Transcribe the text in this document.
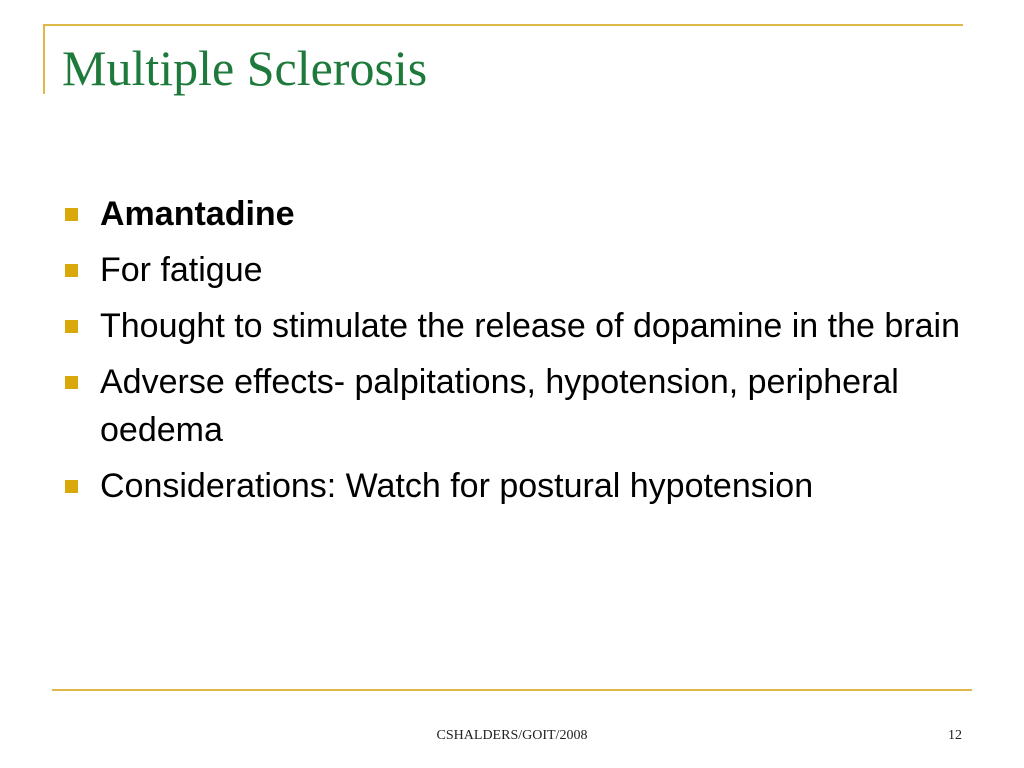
Multiple Sclerosis
Amantadine
For fatigue
Thought to stimulate the release of dopamine in the brain
Adverse effects- palpitations, hypotension, peripheral oedema
Considerations: Watch for postural hypotension
CSHALDERS/GOIT/2008	12
